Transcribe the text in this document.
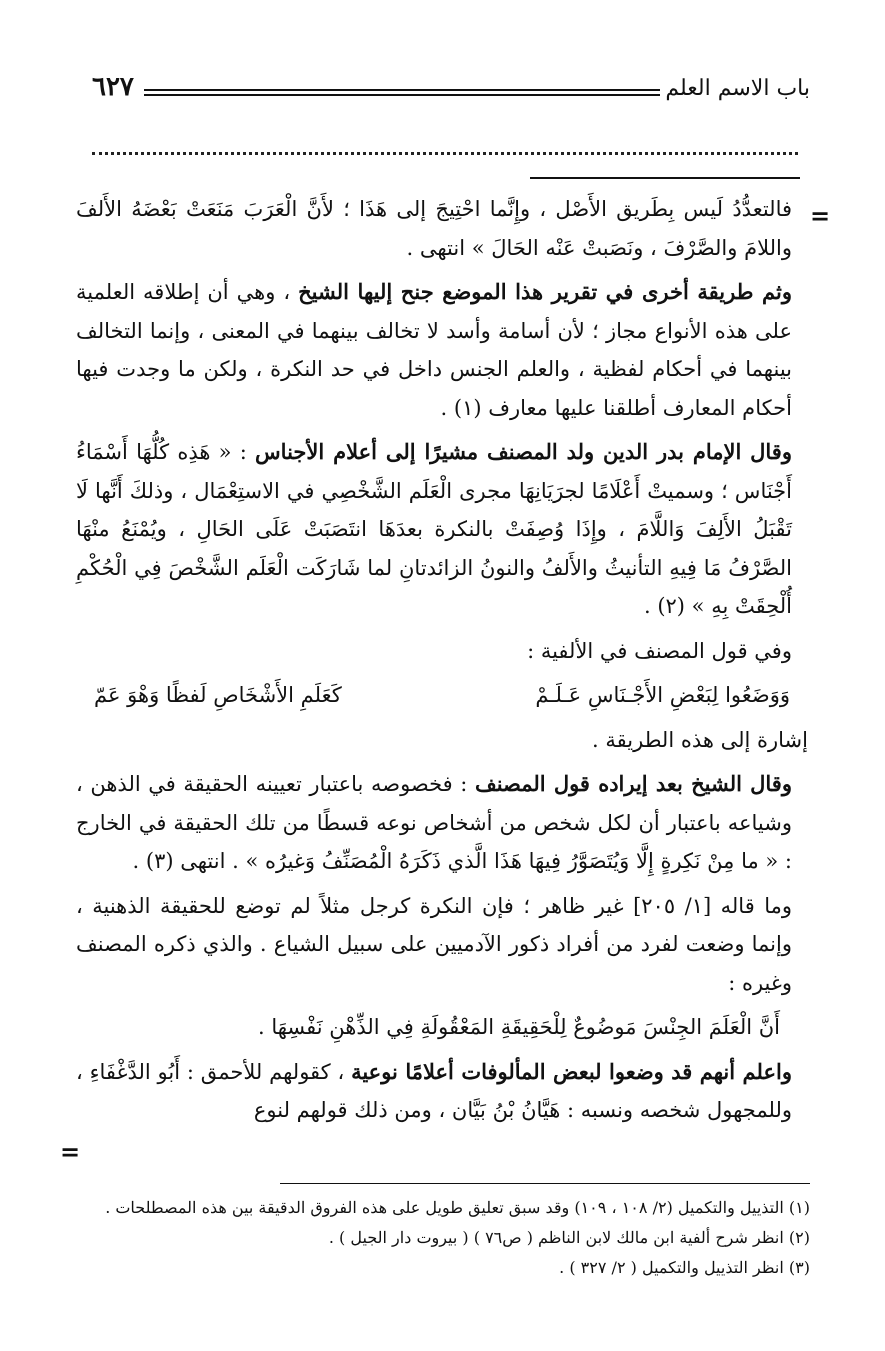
٦٢٧	باب الاسم العلم
=
=

فالتعدُّدُ لَيس بِطَريق الأَصْل ، وإِنَّما احْتِيجَ إلى هَذَا ؛ لأَنَّ الْعَرَبَ مَنَعَتْ بَعْضَهُ الأَلفَ واللامَ والصَّرْفَ ، ونَصَبتْ عَنْه الحَالَ » انتهى .

وثم طريقة أخرى في تقرير هذا الموضع جنح إليها الشيخ ، وهي أن إطلاقه العلمية على هذه الأنواع مجاز ؛ لأن أسامة وأسد لا تخالف بينهما في المعنى ، وإنما التخالف بينهما في أحكام لفظية ، والعلم الجنس داخل في حد النكرة ، ولكن ما وجدت فيها أحكام المعارف أطلقنا عليها معارف (١) .

وقال الإمام بدر الدين ولد المصنف مشيرًا إلى أعلام الأجناس : « هَذِه كُلُّهَا أَسْمَاءُ أَجْنَاس ؛ وسميتْ أَعْلَامًا لجرَيَانِهَا مجرى الْعَلَم الشَّخْصِي في الاستِعْمَال ، وذلكَ أَنَّها لَا تَقْبَلُ الأَلِفَ وَاللَّامَ ، وإِذَا وُصِفَتْ بالنكرة بعدَهَا انتَصَبَتْ عَلَى الحَالِ ، ويُمْنَعُ منْهَا الصَّرْفُ مَا فِيهِ التأنيثُ والأَلفُ والنونُ الزائدتانِ لما شَارَكَت الْعَلَم الشَّخْصَ فِي الْحُكْمِ أُلْحِقَتْ بِهِ » (٢) .

وفي قول المصنف في الألفية :

وَوَضَعُوا لِبَعْضِ الأَجْـنَاسِ عَـلَـمْ
كَعَلَمِ الأَشْخَاصِ لَفظًا وَهْوَ عَمّ

إشارة إلى هذه الطريقة .

وقال الشيخ بعد إيراده قول المصنف : فخصوصه باعتبار تعيينه الحقيقة في الذهن ، وشياعه باعتبار أن لكل شخص من أشخاص نوعه قسطًا من تلك الحقيقة في الخارج : « ما مِنْ نَكِرةٍ إِلَّا وَيُتَصَوَّرُ فِيهَا هَذَا الَّذي ذَكَرَهُ الْمُصَنِّفُ وَغيرُه » . انتهى (٣) .

وما قاله [١/ ٢٠٥] غير ظاهر ؛ فإن النكرة كرجل مثلاً لم توضع للحقيقة الذهنية ، وإنما وضعت لفرد من أفراد ذكور الآدميين على سبيل الشياع . والذي ذكره المصنف وغيره :

أَنَّ الْعَلَمَ الجِنْسَ مَوضُوعٌ لِلْحَقِيقَةِ المَعْقُولَةِ فِي الذِّهْنِ نَفْسِهَا .

واعلم أنهم قد وضعوا لبعض المألوفات أعلامًا نوعية ، كقولهم للأحمق : أَبُو الدَّغْفَاءِ ، وللمجهول شخصه ونسبه : هَيَّانُ بْنُ بَيَّان ، ومن ذلك قولهم لنوع

(١) التذييل والتكميل (٢/ ١٠٨ ، ١٠٩) وقد سبق تعليق طويل على هذه الفروق الدقيقة بين هذه المصطلحات .
(٢) انظر شرح ألفية ابن مالك لابن الناظم ( ص٧٦ ) ( بيروت دار الجيل ) .
(٣) انظر التذييل والتكميل ( ٢/ ٣٢٧ ) .
